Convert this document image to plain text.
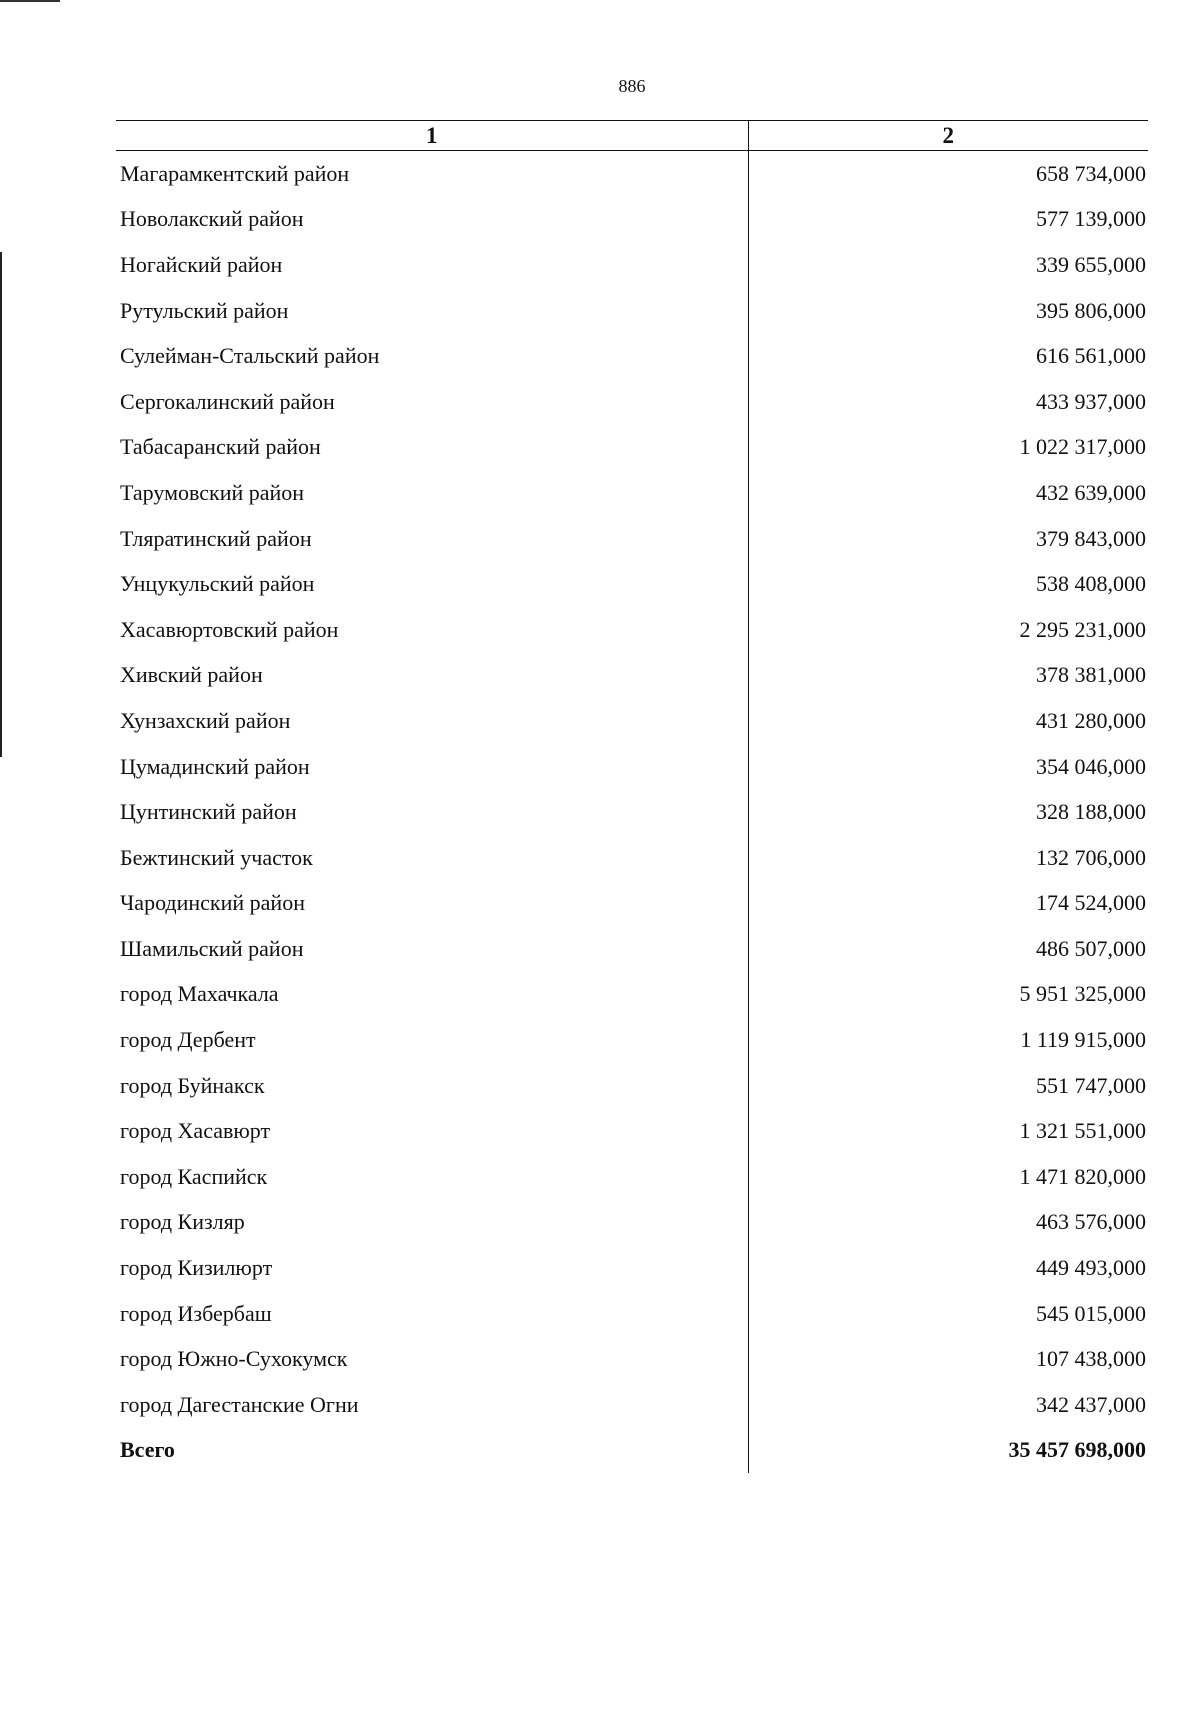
886
1	2
Магарамкентский район	658 734,000
Новолакский район	577 139,000
Ногайский район	339 655,000
Рутульский район	395 806,000
Сулейман-Стальский район	616 561,000
Сергокалинский район	433 937,000
Табасаранский район	1 022 317,000
Тарумовский район	432 639,000
Тляратинский район	379 843,000
Унцукульский район	538 408,000
Хасавюртовский район	2 295 231,000
Хивский район	378 381,000
Хунзахский район	431 280,000
Цумадинский район	354 046,000
Цунтинский район	328 188,000
Бежтинский участок	132 706,000
Чародинский район	174 524,000
Шамильский район	486 507,000
город Махачкала	5 951 325,000
город Дербент	1 119 915,000
город Буйнакск	551 747,000
город Хасавюрт	1 321 551,000
город Каспийск	1 471 820,000
город Кизляр	463 576,000
город Кизилюрт	449 493,000
город Избербаш	545 015,000
город Южно-Сухокумск	107 438,000
город Дагестанские Огни	342 437,000
Всего	35 457 698,000
